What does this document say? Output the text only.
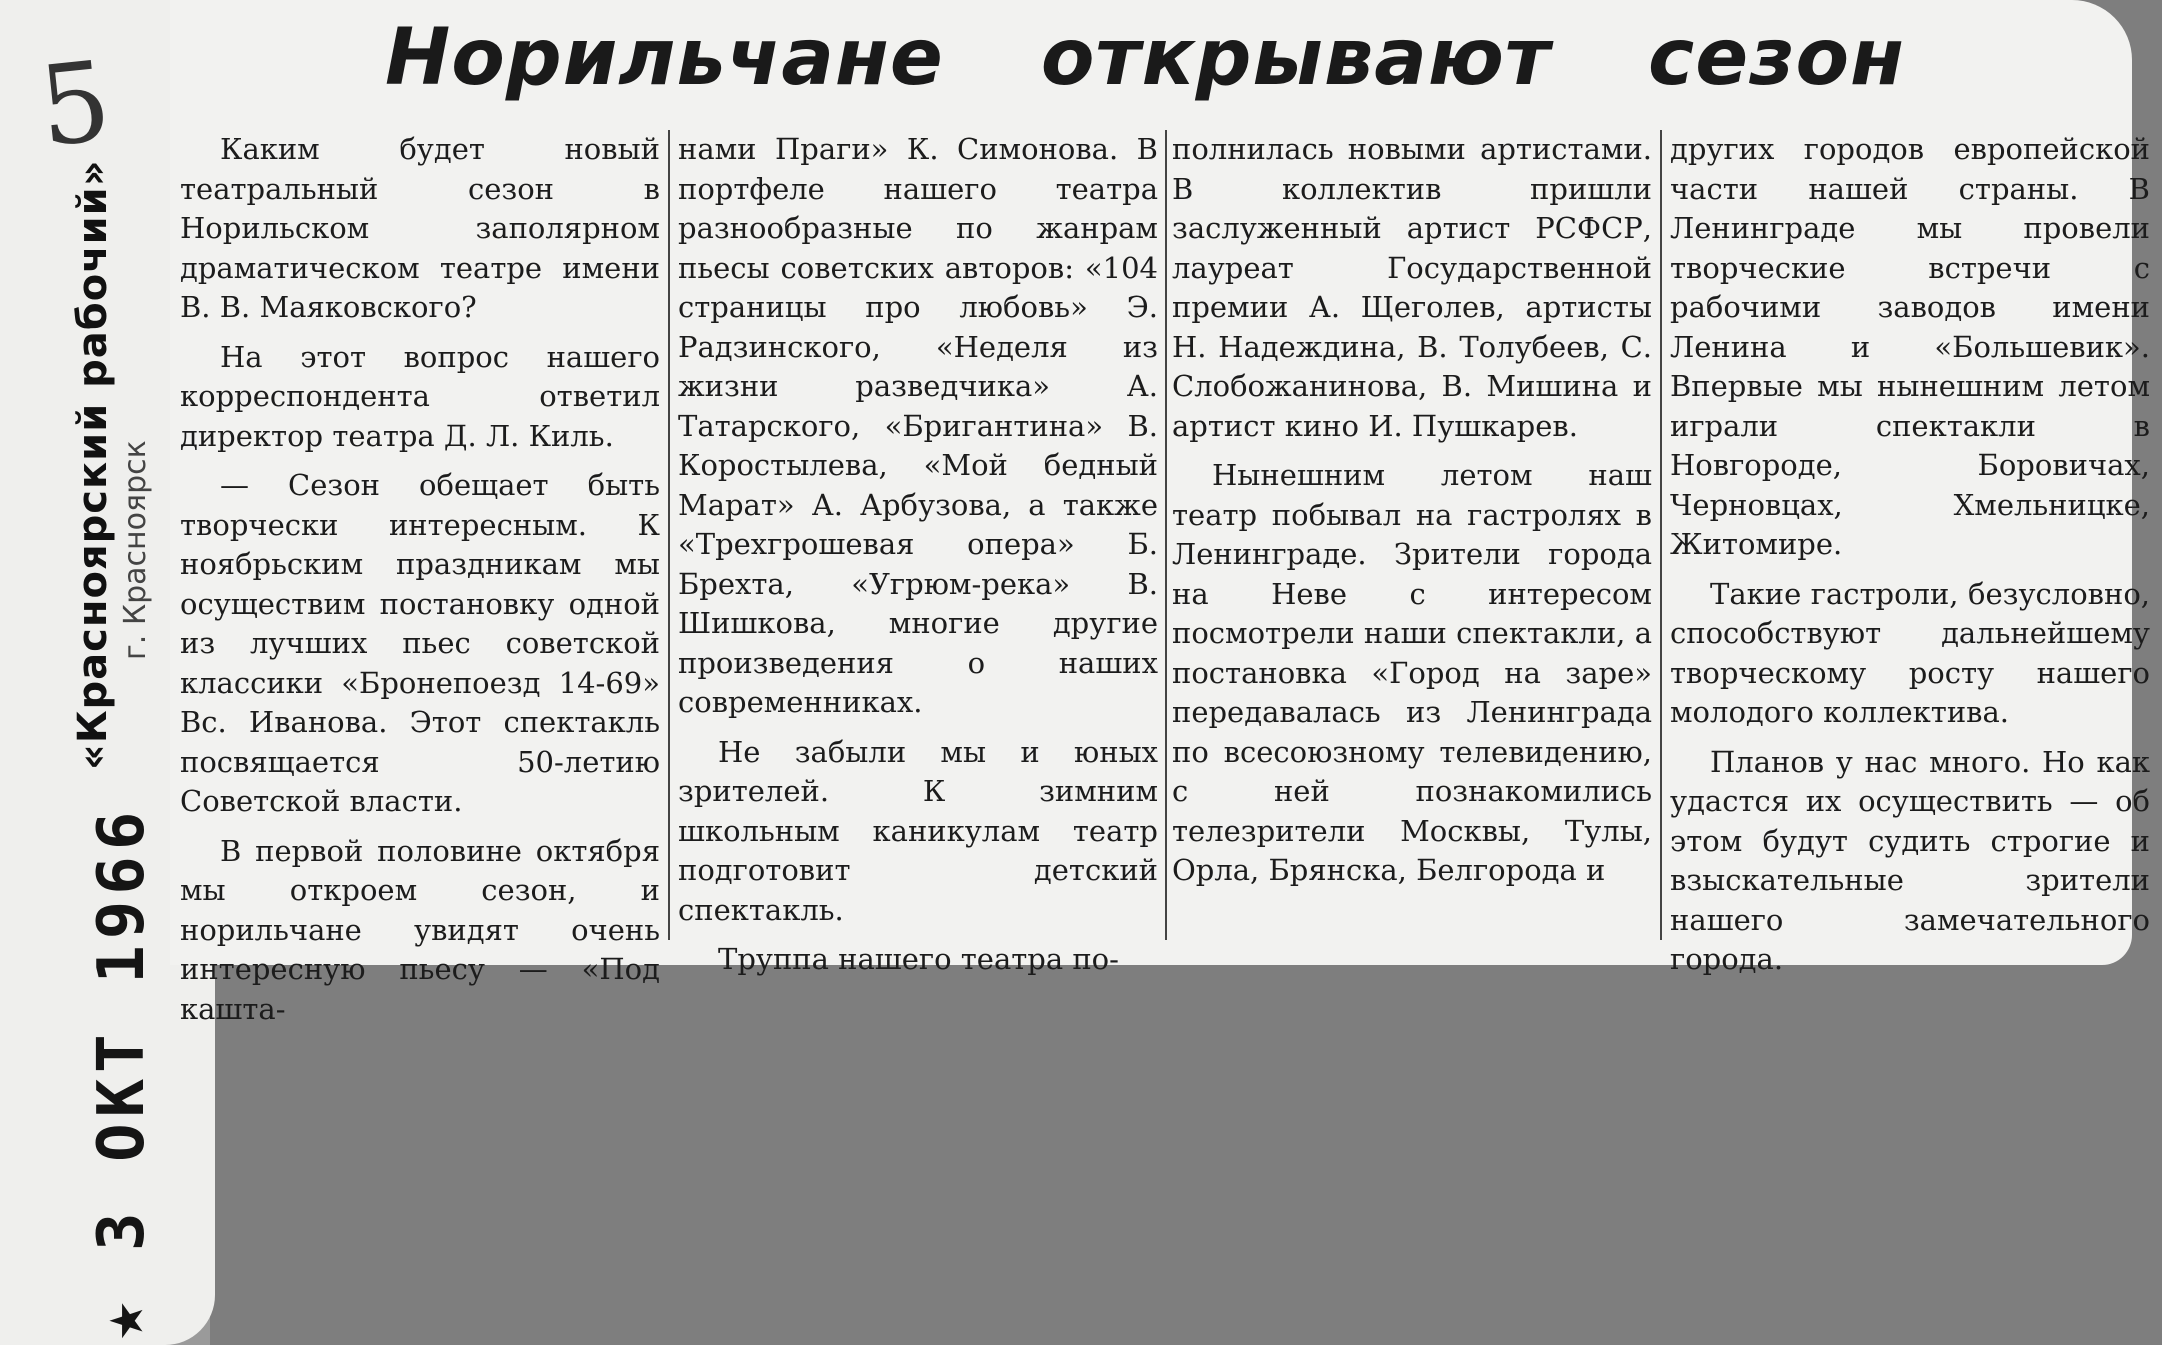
5
«Красноярский рабочий» г. Красноярск
★ 3 ОКТ 1966
Норильчане открывают сезон

Каким будет новый театральный сезон в Норильском заполярном драматическом театре имени В. В. Маяковского?

На этот вопрос нашего корреспондента ответил директор театра Д. Л. Киль.

— Сезон обещает быть творчески интересным. К ноябрьским праздникам мы осуществим постановку одной из лучших пьес советской классики «Бронепоезд 14-69» Вс. Иванова. Этот спектакль посвящается 50-летию Советской власти.

В первой половине октября мы откроем сезон, и норильчане увидят очень интересную пьесу — «Под кашта-

нами Праги» К. Симонова. В портфеле нашего театра разнообразные по жанрам пьесы советских авторов: «104 страницы про любовь» Э. Радзинского, «Неделя из жизни разведчика» А. Татарского, «Бригантина» В. Коростылева, «Мой бедный Марат» А. Арбузова, а также «Трехгрошевая опера» Б. Брехта, «Угрюм-река» В. Шишкова, многие другие произведения о наших современниках.

Не забыли мы и юных зрителей. К зимним школьным каникулам театр подготовит детский спектакль.

Труппа нашего театра по-

полнилась новыми артистами. В коллектив пришли заслуженный артист РСФСР, лауреат Государственной премии А. Щеголев, артисты Н. Надеждина, В. Толубеев, С. Слобожанинова, В. Мишина и артист кино И. Пушкарев.

Нынешним летом наш театр побывал на гастролях в Ленинграде. Зрители города на Неве с интересом посмотрели наши спектакли, а постановка «Город на заре» передавалась из Ленинграда по всесоюзному телевидению, с ней познакомились телезрители Москвы, Тулы, Орла, Брянска, Белгорода и

других городов европейской части нашей страны. В Ленинграде мы провели творческие встречи с рабочими заводов имени Ленина и «Большевик». Впервые мы нынешним летом играли спектакли в Новгороде, Боровичах, Черновцах, Хмельницке, Житомире.

Такие гастроли, безусловно, способствуют дальнейшему творческому росту нашего молодого коллектива.

Планов у нас много. Но как удастся их осуществить — об этом будут судить строгие и взыскательные зрители нашего замечательного города.
